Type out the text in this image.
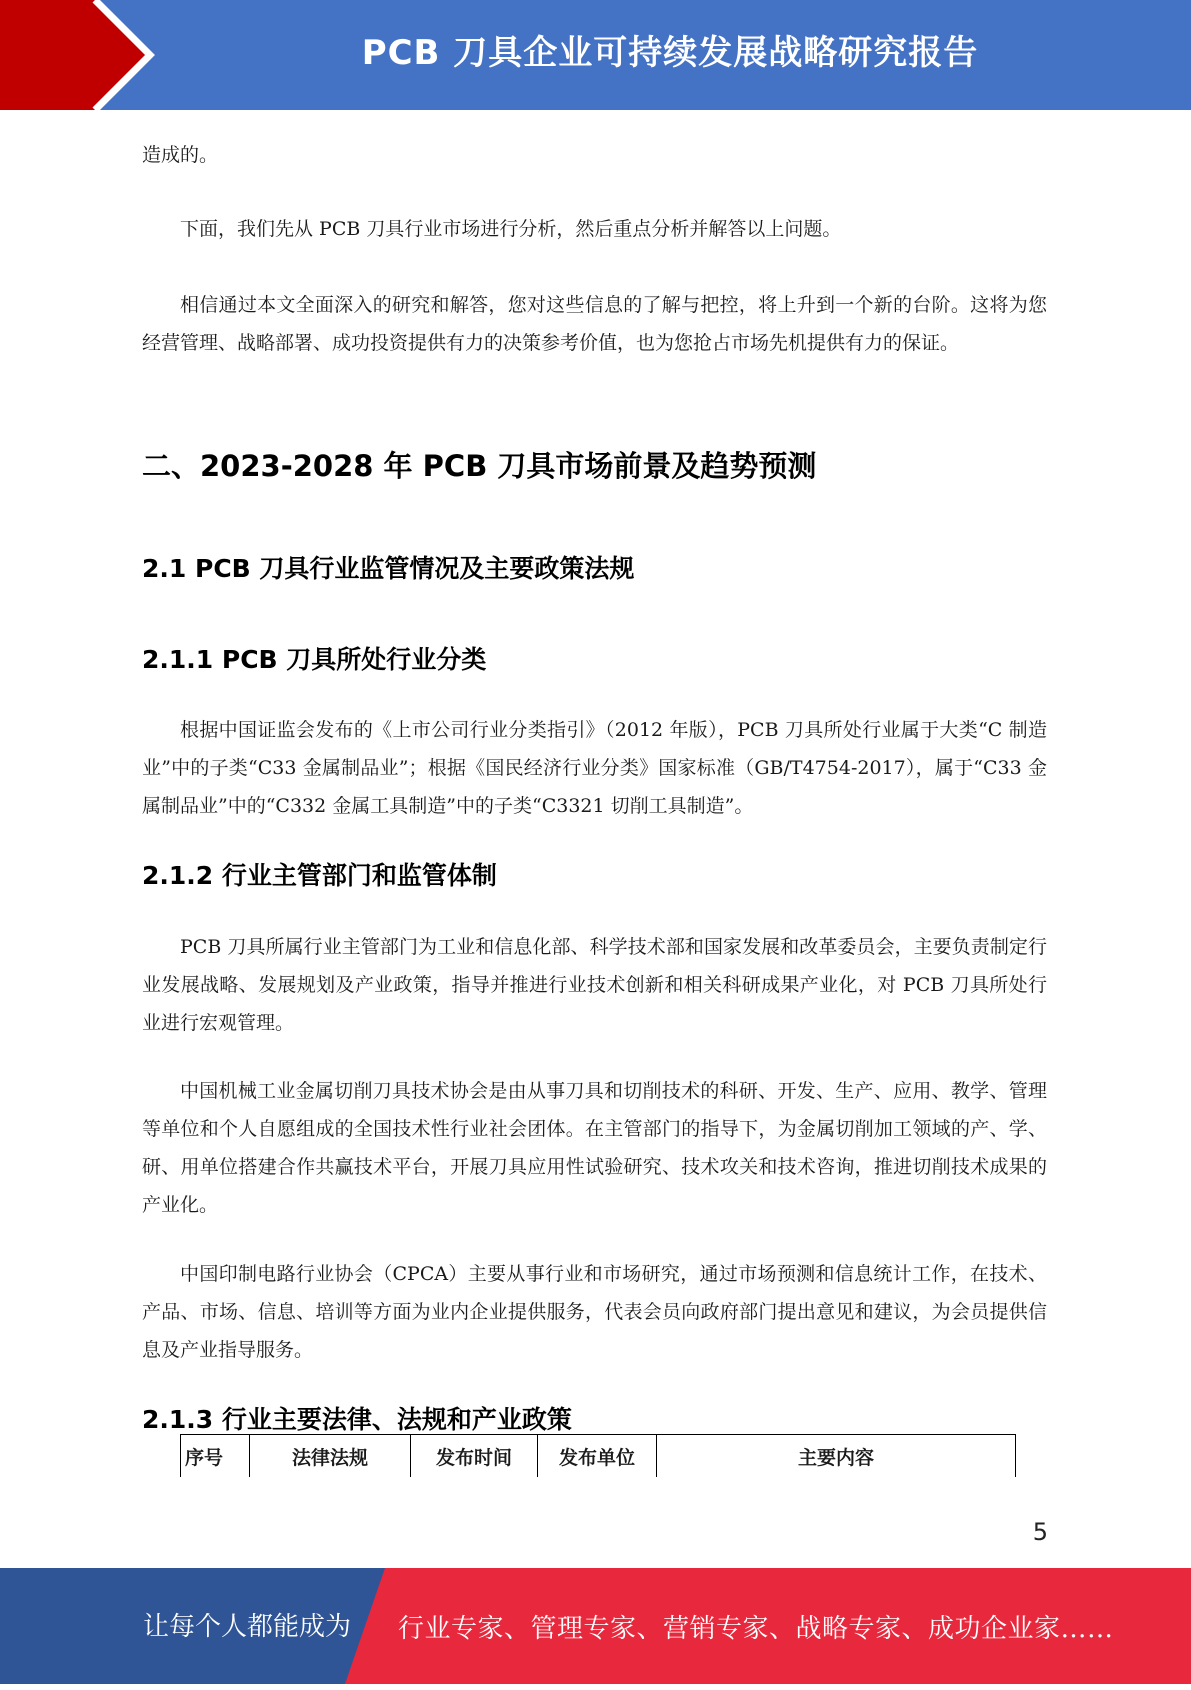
PCB 刀具企业可持续发展战略研究报告

造成的。

下面，我们先从 PCB 刀具行业市场进行分析，然后重点分析并解答以上问题。

相信通过本文全面深入的研究和解答，您对这些信息的了解与把控，将上升到一个新的台阶。这将为您经营管理、战略部署、成功投资提供有力的决策参考价值，也为您抢占市场先机提供有力的保证。

二、2023-2028 年 PCB 刀具市场前景及趋势预测
2.1 PCB 刀具行业监管情况及主要政策法规
2.1.1 PCB 刀具所处行业分类

根据中国证监会发布的《上市公司行业分类指引》（2012 年版），PCB 刀具所处行业属于大类“C 制造业”中的子类“C33 金属制品业”；根据《国民经济行业分类》国家标准（GB/T4754-2017），属于“C33 金属制品业”中的“C332 金属工具制造”中的子类“C3321 切削工具制造”。

2.1.2 行业主管部门和监管体制

PCB 刀具所属行业主管部门为工业和信息化部、科学技术部和国家发展和改革委员会，主要负责制定行业发展战略、发展规划及产业政策，指导并推进行业技术创新和相关科研成果产业化，对 PCB 刀具所处行业进行宏观管理。

中国机械工业金属切削刀具技术协会是由从事刀具和切削技术的科研、开发、生产、应用、教学、管理等单位和个人自愿组成的全国技术性行业社会团体。在主管部门的指导下，为金属切削加工领域的产、学、研、用单位搭建合作共赢技术平台，开展刀具应用性试验研究、技术攻关和技术咨询，推进切削技术成果的产业化。

中国印制电路行业协会（CPCA）主要从事行业和市场研究，通过市场预测和信息统计工作，在技术、产品、市场、信息、培训等方面为业内企业提供服务，代表会员向政府部门提出意见和建议，为会员提供信息及产业指导服务。

2.1.3 行业主要法律、法规和产业政策
序号	法律法规	发布时间	发布单位	主要内容
5
让每个人都能成为 行业专家、管理专家、营销专家、战略专家、成功企业家……
